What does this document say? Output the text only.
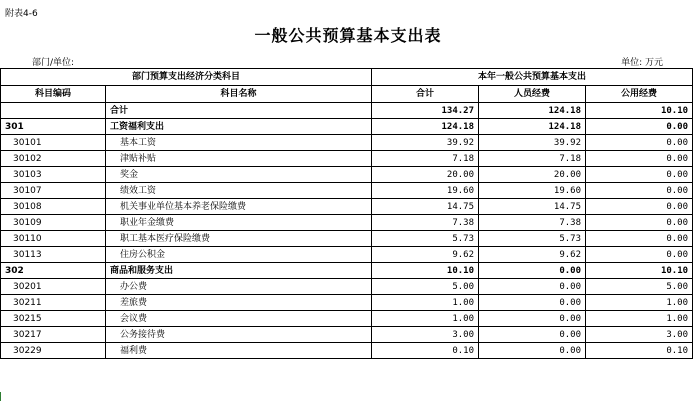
附表4-6
一般公共预算基本支出表
部门/单位:	单位: 万元
部门预算支出经济分类科目		本年一般公共预算基本支出		
科目编码	科目名称	合计	人员经费	公用经费
	合计	134.27	124.18	10.10
301	工资福利支出	124.18	124.18	0.00
30101	基本工资	39.92	39.92	0.00
30102	津贴补贴	7.18	7.18	0.00
30103	奖金	20.00	20.00	0.00
30107	绩效工资	19.60	19.60	0.00
30108	机关事业单位基本养老保险缴费	14.75	14.75	0.00
30109	职业年金缴费	7.38	7.38	0.00
30110	职工基本医疗保险缴费	5.73	5.73	0.00
30113	住房公积金	9.62	9.62	0.00
302	商品和服务支出	10.10	0.00	10.10
30201	办公费	5.00	0.00	5.00
30211	差旅费	1.00	0.00	1.00
30215	会议费	1.00	0.00	1.00
30217	公务接待费	3.00	0.00	3.00
30229	福利费	0.10	0.00	0.10
